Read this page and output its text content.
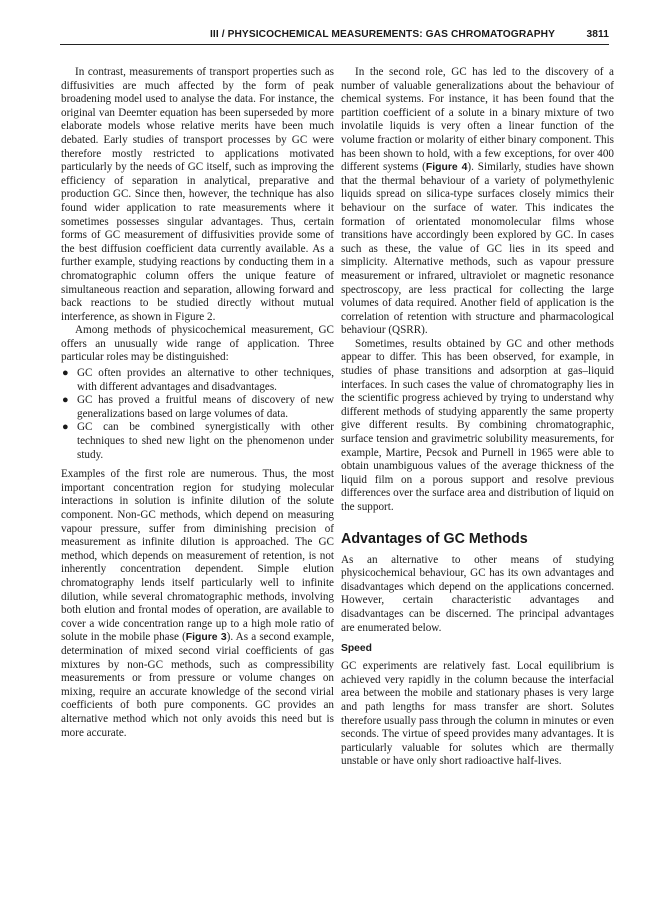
III / PHYSICOCHEMICAL MEASUREMENTS: GAS CHROMATOGRAPHY	3811

In contrast, measurements of transport properties such as diffusivities are much affected by the form of peak broadening model used to analyse the data. For instance, the original van Deemter equation has been superseded by more elaborate models whose relative merits have been much debated. Early studies of transport processes by GC were therefore mostly restricted to applications motivated particularly by the needs of GC itself, such as improving the efficiency of separation in analytical, preparative and production GC. Since then, however, the technique has also found wider application to rate measurements where it sometimes possesses singular advantages. Thus, certain forms of GC measurement of diffusivities provide some of the best diffusion coefficient data currently available. As a further example, studying reactions by conducting them in a chromatographic column offers the unique feature of simultaneous reaction and separation, allowing forward and back reactions to be studied directly without mutual interference, as shown in Figure 2.

Among methods of physicochemical measurement, GC offers an unusually wide range of application. Three particular roles may be distinguished:

● GC often provides an alternative to other techniques, with different advantages and disadvantages.
● GC has proved a fruitful means of discovery of new generalizations based on large volumes of data.
● GC can be combined synergistically with other techniques to shed new light on the phenomenon under study.

Examples of the first role are numerous. Thus, the most important concentration region for studying molecular interactions in solution is infinite dilution of the solute component. Non-GC methods, which depend on measuring vapour pressure, suffer from diminishing precision of measurement as infinite dilution is approached. The GC method, which depends on measurement of retention, is not inherently concentration dependent. Simple elution chromatography lends itself particularly well to infinite dilution, while several chromatographic methods, involving both elution and frontal modes of operation, are available to cover a wide concentration range up to a high mole ratio of solute in the mobile phase (Figure 3). As a second example, determination of mixed second virial coefficients of gas mixtures by non-GC methods, such as compressibility measurements or from pressure or volume changes on mixing, require an accurate knowledge of the second virial coefficients of both pure components. GC provides an alternative method which not only avoids this need but is more accurate.

In the second role, GC has led to the discovery of a number of valuable generalizations about the behaviour of chemical systems. For instance, it has been found that the partition coefficient of a solute in a binary mixture of two involatile liquids is very often a linear function of the volume fraction or molarity of either binary component. This has been shown to hold, with a few exceptions, for over 400 different systems (Figure 4). Similarly, studies have shown that the thermal behaviour of a variety of polymethylenic liquids spread on silica-type surfaces closely mimics their behaviour on the surface of water. This indicates the formation of orientated monomolecular films whose transitions have accordingly been explored by GC. In cases such as these, the value of GC lies in its speed and simplicity. Alternative methods, such as vapour pressure measurement or infrared, ultraviolet or magnetic resonance spectroscopy, are less practical for collecting the large volumes of data required. Another field of application is the correlation of retention with structure and pharmacological behaviour (QSRR).

Sometimes, results obtained by GC and other methods appear to differ. This has been observed, for example, in studies of phase transitions and adsorption at gas–liquid interfaces. In such cases the value of chromatography lies in the scientific progress achieved by trying to understand why different methods of studying apparently the same property give different results. By combining chromatographic, surface tension and gravimetric solubility measurements, for example, Martire, Pecsok and Purnell in 1965 were able to obtain unambiguous values of the average thickness of the liquid film on a porous support and resolve previous differences over the surface area and distribution of liquid on the support.

Advantages of GC Methods

As an alternative to other means of studying physicochemical behaviour, GC has its own advantages and disadvantages which depend on the applications concerned. However, certain characteristic advantages and disadvantages can be discerned. The principal advantages are enumerated below.

Speed

GC experiments are relatively fast. Local equilibrium is achieved very rapidly in the column because the interfacial area between the mobile and stationary phases is very large and path lengths for mass transfer are short. Solutes therefore usually pass through the column in minutes or even seconds. The virtue of speed provides many advantages. It is particularly valuable for solutes which are thermally unstable or have only short radioactive half-lives.
